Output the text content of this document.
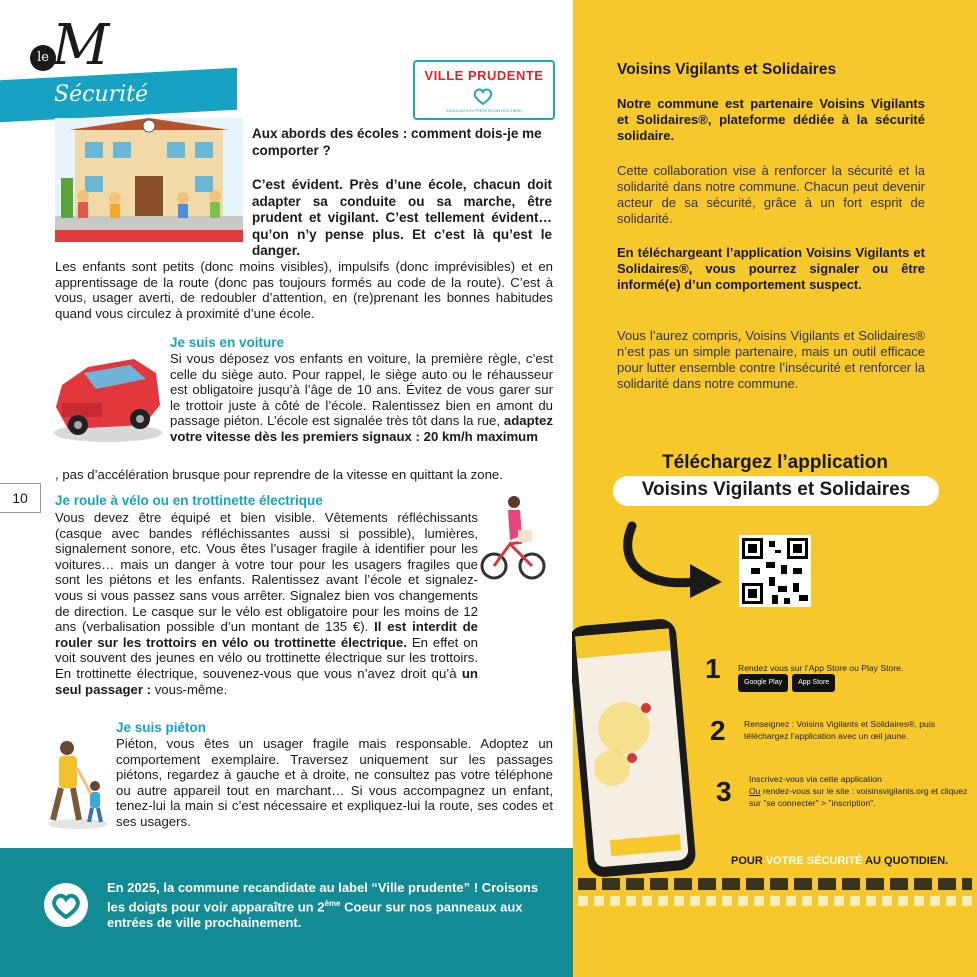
le M
Sécurité
VILLE PRUDENTE
ASSOCIATION PRÉVENTION ROUTIÈRE
Aux abords des écoles : comment dois-je me comporter ?
C’est évident. Près d’une école, chacun doit adapter sa conduite ou sa marche, être prudent et vigilant. C’est tellement évident… qu’on n’y pense plus. Et c’est là qu’est le danger.
Les enfants sont petits (donc moins visibles), impulsifs (donc imprévisibles) et en apprentissage de la route (donc pas toujours formés au code de la route). C’est à vous, usager averti, de redoubler d’attention, en (re)prenant les bonnes habitudes quand vous circulez à proximité d’une école.
Je suis en voiture
Si vous déposez vos enfants en voiture, la première règle, c’est celle du siège auto. Pour rappel, le siège auto ou le réhausseur est obligatoire jusqu’à l’âge de 10 ans. Évitez de vous garer sur le trottoir juste à côté de l’école. Ralentissez bien en amont du passage piéton. L’école est signalée très tôt dans la rue, adaptez votre vitesse dès les premiers signaux : 20 km/h maximum
, pas d’accélération brusque pour reprendre de la vitesse en quittant la zone.
10	Je roule à vélo ou en trottinette électrique
Vous devez être équipé et bien visible. Vêtements réfléchissants (casque avec bandes réfléchissantes aussi si possible), lumières, signalement sonore, etc. Vous êtes l’usager fragile à identifier pour les voitures… mais un danger à votre tour pour les usagers fragiles que sont les piétons et les enfants. Ralentissez avant l’école et signalez-vous si vous passez sans vous arrêter. Signalez bien vos changements de direction. Le casque sur le vélo est obligatoire pour les moins de 12 ans (verbalisation possible d’un montant de 135 €). Il est interdit de rouler sur les trottoirs en vélo ou trottinette électrique. En effet on voit souvent des jeunes en vélo ou trottinette électrique sur les trottoirs. En trottinette électrique, souvenez-vous que vous n’avez droit qu’à un seul passager : vous-même.
Je suis piéton
Piéton, vous êtes un usager fragile mais responsable. Adoptez un comportement exemplaire. Traversez uniquement sur les passages piétons, regardez à gauche et à droite, ne consultez pas votre téléphone ou autre appareil tout en marchant… Si vous accompagnez un enfant, tenez-lui la main si c’est nécessaire et expliquez-lui la route, ses codes et ses usagers.
En 2025, la commune recandidate au label “Ville prudente” ! Croisons les doigts pour voir apparaître un 2ème Coeur sur nos panneaux aux entrées de ville prochainement.
Voisins Vigilants et Solidaires
Notre commune est partenaire Voisins Vigilants et Solidaires®, plateforme dédiée à la sécurité solidaire.
Cette collaboration vise à renforcer la sécurité et la solidarité dans notre commune. Chacun peut devenir acteur de sa sécurité, grâce à un fort esprit de solidarité.
En téléchargeant l’application Voisins Vigilants et Solidaires®, vous pourrez signaler ou être informé(e) d’un comportement suspect.
Vous l’aurez compris, Voisins Vigilants et Solidaires® n’est pas un simple partenaire, mais un outil efficace pour lutter ensemble contre l’insécurité et renforcer la solidarité dans notre commune.
Téléchargez l’application
Voisins Vigilants et Solidaires
1 Rendez vous sur l’App Store ou Play Store.
Google Play App Store
2 Renseignez : Voisins Vigilants et Solidaires®, puis téléchargez l’application avec un œil jaune.
3 Inscrivez-vous via cette application
Ou rendez-vous sur le site : voisinsvigilants.org et cliquez sur "se connecter" > "inscription".
POUR VOTRE SÉCURITÉ AU QUOTIDIEN.
